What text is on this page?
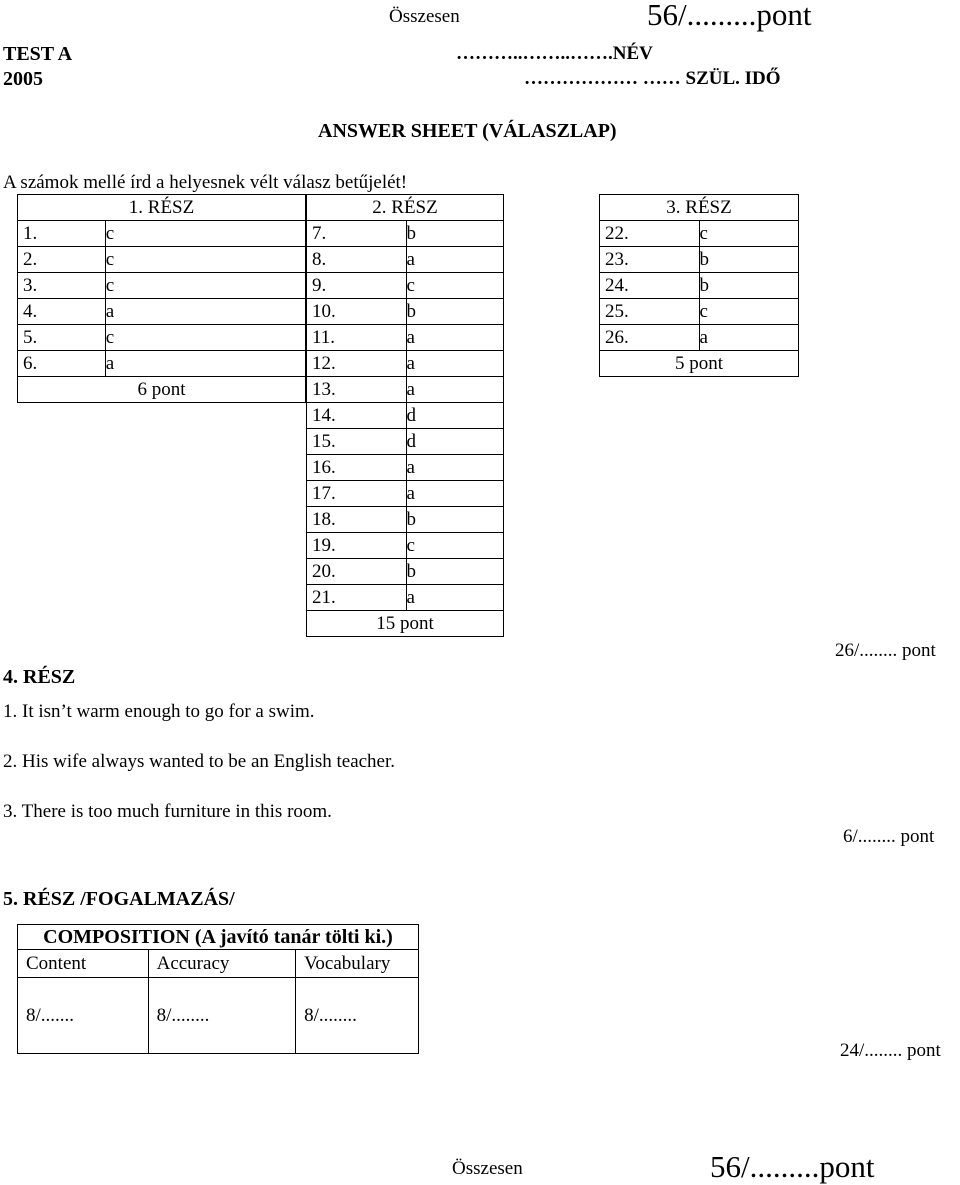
Összesen	56/.........pont
TEST A
2005
………..……..…….NÉV
……………… …… SZÜL. IDŐ
ANSWER SHEET (VÁLASZLAP)
A számok mellé írd a helyesnek vélt válasz betűjelét!
1. RÉSZ	
1.	c
2.	c
3.	c
4.	a
5.	c
6.	a
6 pont	
2. RÉSZ	
7.	b
8.	a
9.	c
10.	b
11.	a
12.	a
13.	a
14.	d
15.	d
16.	a
17.	a
18.	b
19.	c
20.	b
21.	a
15 pont	
3. RÉSZ	
22.	c
23.	b
24.	b
25.	c
26.	a
5 pont	
26/........ pont
4. RÉSZ
1. It isn’t warm enough to go for a swim.
2. His wife always wanted to be an English teacher.
3. There is too much furniture in this room.
6/........ pont
5. RÉSZ /FOGALMAZÁS/
COMPOSITION (A javító tanár tölti ki.)		
Content	Accuracy	Vocabulary
8/.......	8/........	8/........
24/........ pont
Összesen	56/.........pont
